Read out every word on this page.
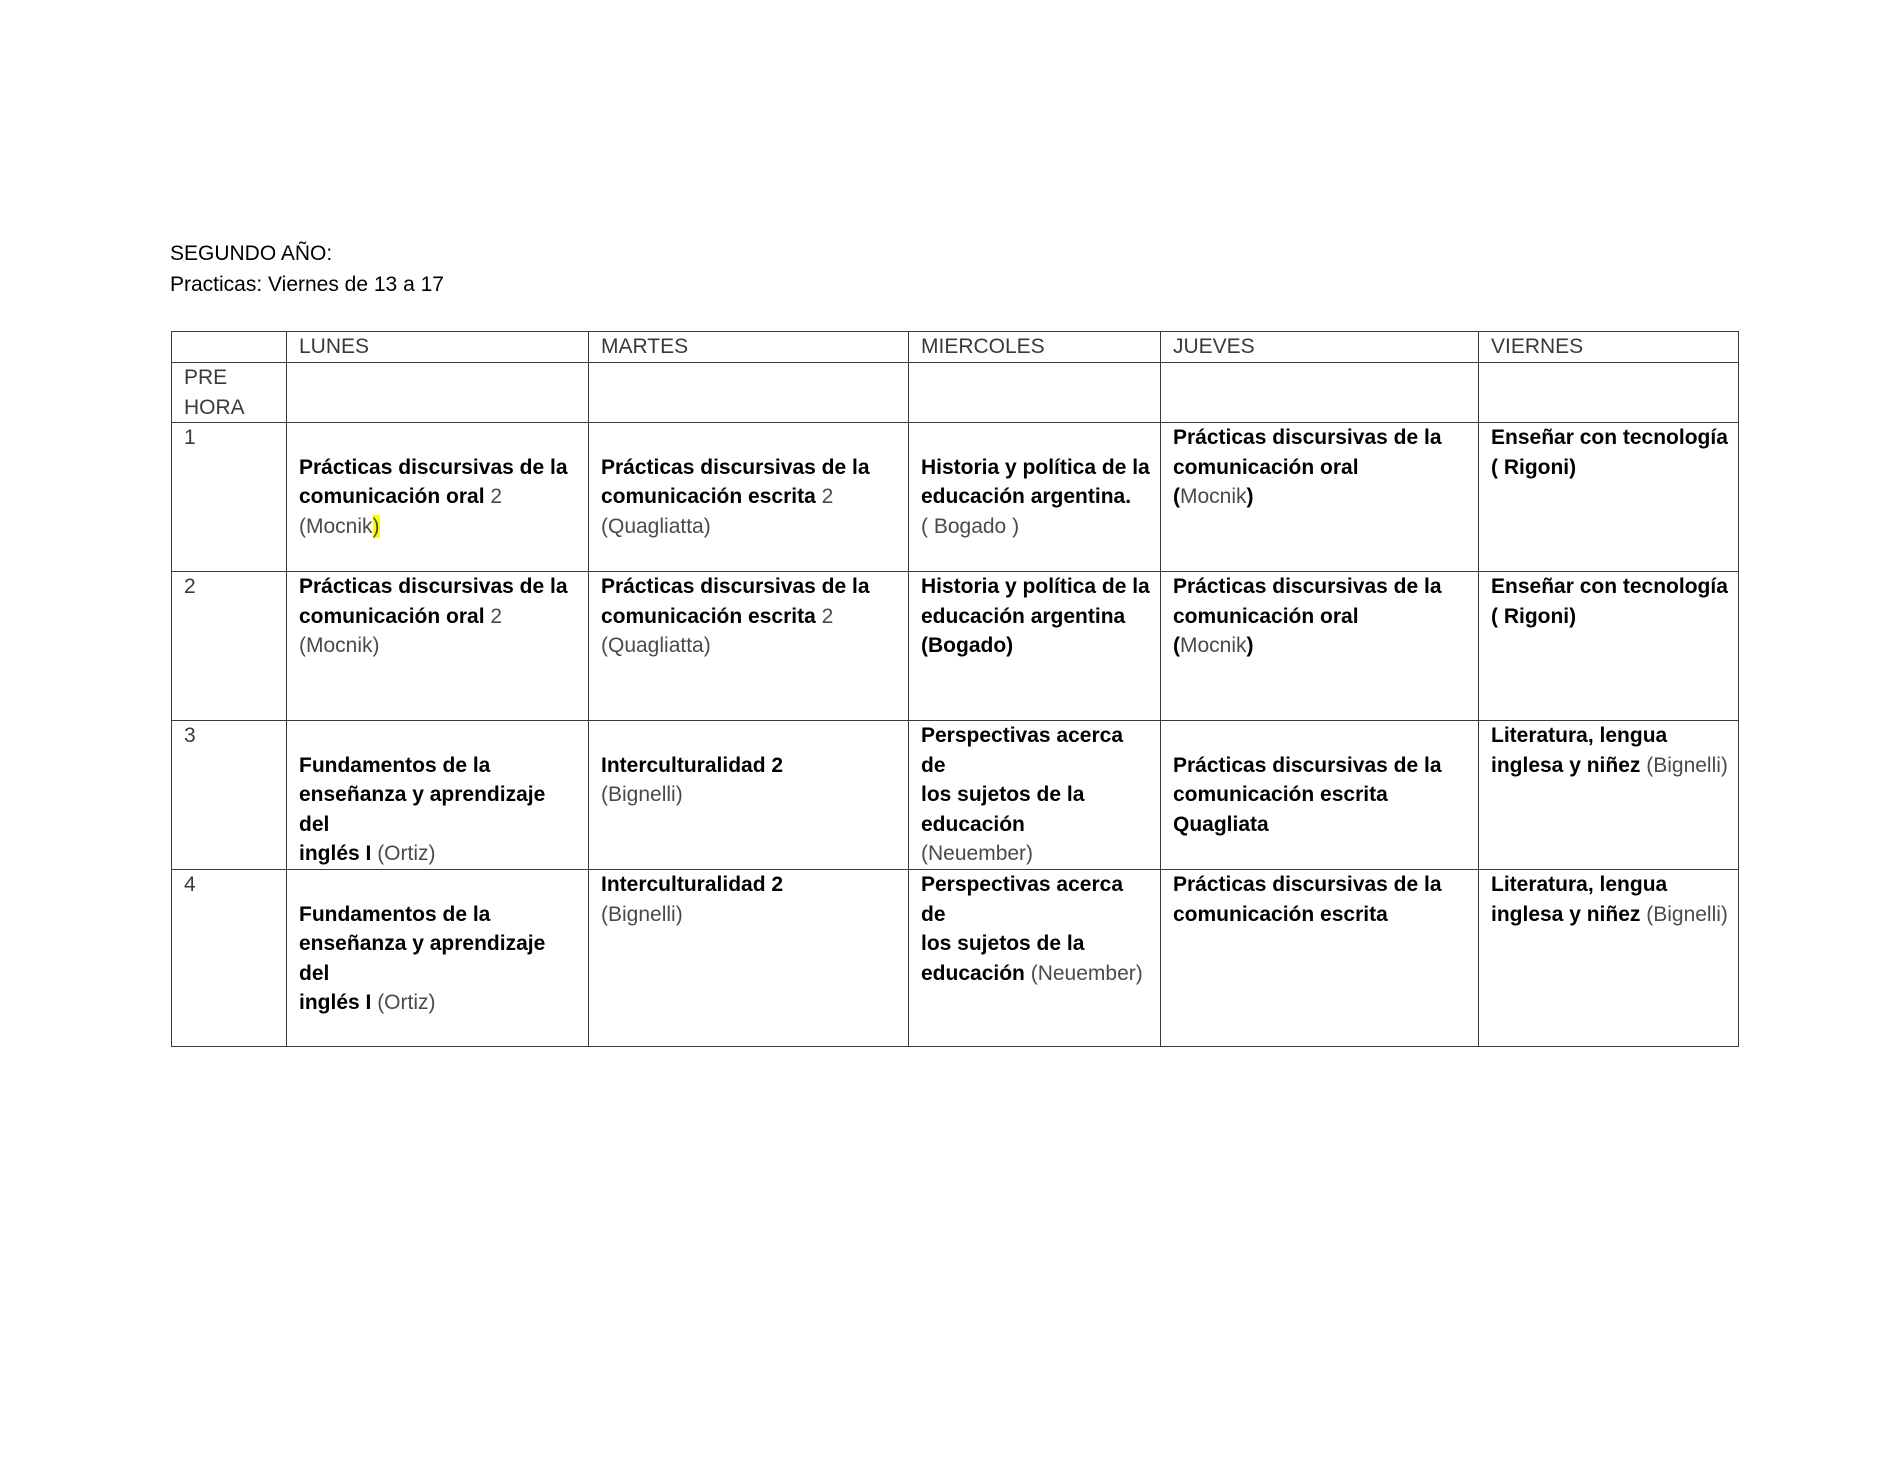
SEGUNDO AÑO:
Practicas: Viernes de 13 a 17
	LUNES	MARTES	MIERCOLES	JUEVES	VIERNES

PRE HORA					

1	Prácticas discursivas de la
comunicación oral 2
(Mocnik)	Prácticas discursivas de la
comunicación escrita 2
(Quagliatta)	Historia y política de la
educación argentina.
( Bogado )	Prácticas discursivas de la
comunicación oral
(Mocnik)	Enseñar con tecnología
( Rigoni)

2	Prácticas discursivas de la
comunicación oral 2
(Mocnik)	Prácticas discursivas de la
comunicación escrita 2
(Quagliatta)	Historia y política de la
educación argentina
(Bogado)	Prácticas discursivas de la
comunicación oral
(Mocnik)	Enseñar con tecnología
( Rigoni)

3	Fundamentos de la
enseñanza y aprendizaje del
inglés I (Ortiz)	Interculturalidad 2
(Bignelli)	Perspectivas acerca de
los sujetos de la
educación
(Neuember)	Prácticas discursivas de la
comunicación escrita
Quagliata	Literatura, lengua
inglesa y niñez (Bignelli)

4	Fundamentos de la
enseñanza y aprendizaje del
inglés I (Ortiz)	Interculturalidad 2
(Bignelli)	Perspectivas acerca de
los sujetos de la
educación (Neuember)	Prácticas discursivas de la
comunicación escrita	Literatura, lengua
inglesa y niñez (Bignelli)
